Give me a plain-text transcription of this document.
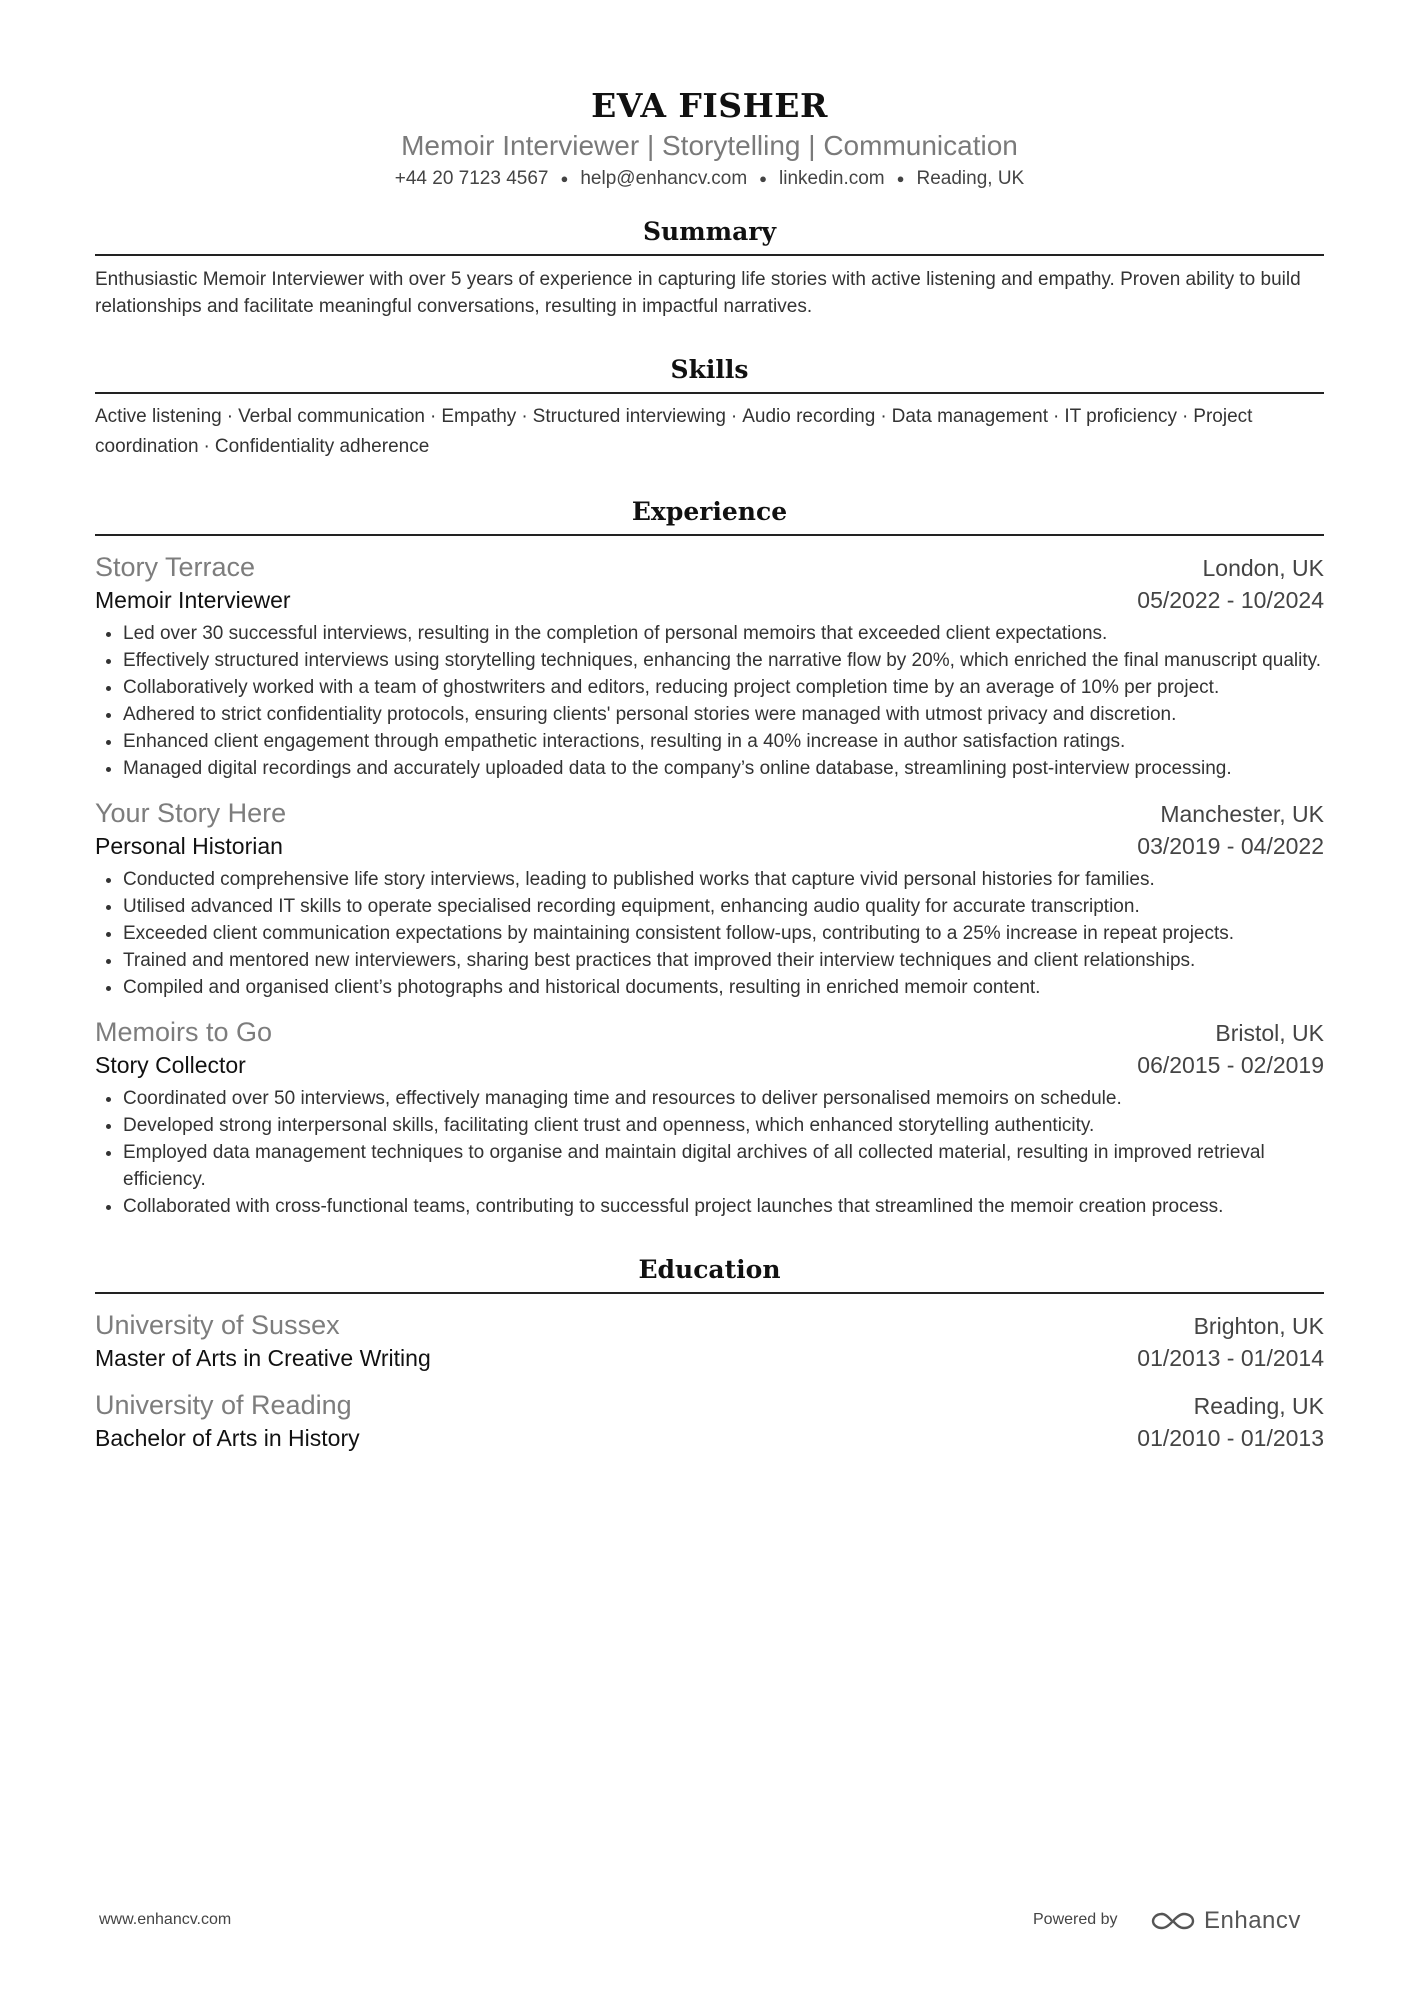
EVA FISHER
Memoir Interviewer | Storytelling | Communication
+44 20 7123 4567 ● help@enhancv.com ● linkedin.com ● Reading, UK
Summary
Enthusiastic Memoir Interviewer with over 5 years of experience in capturing life stories with active listening and empathy. Proven ability to build relationships and facilitate meaningful conversations, resulting in impactful narratives.
Skills
Active listening · Verbal communication · Empathy · Structured interviewing · Audio recording · Data management · IT proficiency · Project coordination · Confidentiality adherence
Experience
Story Terrace	London, UK
Memoir Interviewer	05/2022 - 10/2024
• Led over 30 successful interviews, resulting in the completion of personal memoirs that exceeded client expectations.
• Effectively structured interviews using storytelling techniques, enhancing the narrative flow by 20%, which enriched the final manuscript quality.
• Collaboratively worked with a team of ghostwriters and editors, reducing project completion time by an average of 10% per project.
• Adhered to strict confidentiality protocols, ensuring clients' personal stories were managed with utmost privacy and discretion.
• Enhanced client engagement through empathetic interactions, resulting in a 40% increase in author satisfaction ratings.
• Managed digital recordings and accurately uploaded data to the company’s online database, streamlining post-interview processing.
Your Story Here	Manchester, UK
Personal Historian	03/2019 - 04/2022
• Conducted comprehensive life story interviews, leading to published works that capture vivid personal histories for families.
• Utilised advanced IT skills to operate specialised recording equipment, enhancing audio quality for accurate transcription.
• Exceeded client communication expectations by maintaining consistent follow-ups, contributing to a 25% increase in repeat projects.
• Trained and mentored new interviewers, sharing best practices that improved their interview techniques and client relationships.
• Compiled and organised client’s photographs and historical documents, resulting in enriched memoir content.
Memoirs to Go	Bristol, UK
Story Collector	06/2015 - 02/2019
• Coordinated over 50 interviews, effectively managing time and resources to deliver personalised memoirs on schedule.
• Developed strong interpersonal skills, facilitating client trust and openness, which enhanced storytelling authenticity.
• Employed data management techniques to organise and maintain digital archives of all collected material, resulting in improved retrieval efficiency.
• Collaborated with cross-functional teams, contributing to successful project launches that streamlined the memoir creation process.
Education
University of Sussex	Brighton, UK
Master of Arts in Creative Writing	01/2013 - 01/2014
University of Reading	Reading, UK
Bachelor of Arts in History	01/2010 - 01/2013
www.enhancv.com	Powered by	Enhancv
